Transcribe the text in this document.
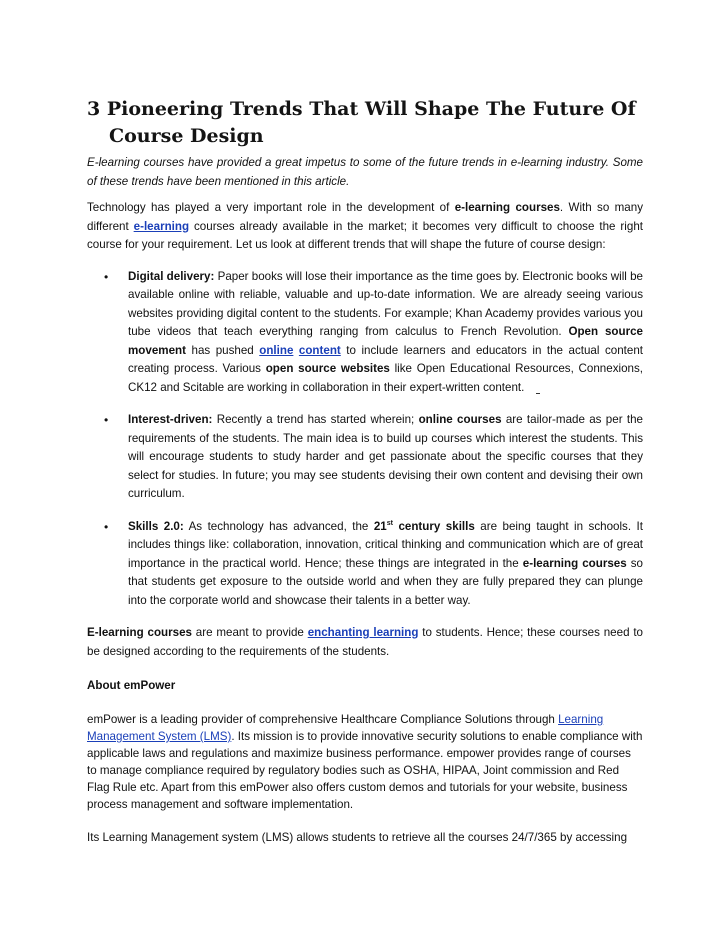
3 Pioneering Trends That Will Shape The Future Of Course Design

E-learning courses have provided a great impetus to some of the future trends in e-learning industry. Some of these trends have been mentioned in this article.

Technology has played a very important role in the development of e-learning courses. With so many different e-learning courses already available in the market; it becomes very difficult to choose the right course for your requirement. Let us look at different trends that will shape the future of course design:

• Digital delivery: Paper books will lose their importance as the time goes by. Electronic books will be available online with reliable, valuable and up-to-date information. We are already seeing various websites providing digital content to the students. For example; Khan Academy provides various you tube videos that teach everything ranging from calculus to French Revolution. Open source movement has pushed online content to include learners and educators in the actual content creating process. Various open source websites like Open Educational Resources, Connexions, CK12 and Scitable are working in collaboration in their expert-written content.
• Interest-driven: Recently a trend has started wherein; online courses are tailor-made as per the requirements of the students. The main idea is to build up courses which interest the students. This will encourage students to study harder and get passionate about the specific courses that they select for studies. In future; you may see students devising their own content and devising their own curriculum.
• Skills 2.0: As technology has advanced, the 21st century skills are being taught in schools. It includes things like: collaboration, innovation, critical thinking and communication which are of great importance in the practical world. Hence; these things are integrated in the e-learning courses so that students get exposure to the outside world and when they are fully prepared they can plunge into the corporate world and showcase their talents in a better way.

E-learning courses are meant to provide enchanting learning to students. Hence; these courses need to be designed according to the requirements of the students.

About emPower

emPower is a leading provider of comprehensive Healthcare Compliance Solutions through Learning Management System (LMS). Its mission is to provide innovative security solutions to enable compliance with applicable laws and regulations and maximize business performance. empower provides range of courses to manage compliance required by regulatory bodies such as OSHA, HIPAA, Joint commission and Red Flag Rule etc. Apart from this emPower also offers custom demos and tutorials for your website, business process management and software implementation.

Its Learning Management system (LMS) allows students to retrieve all the courses 24/7/365 by accessing
